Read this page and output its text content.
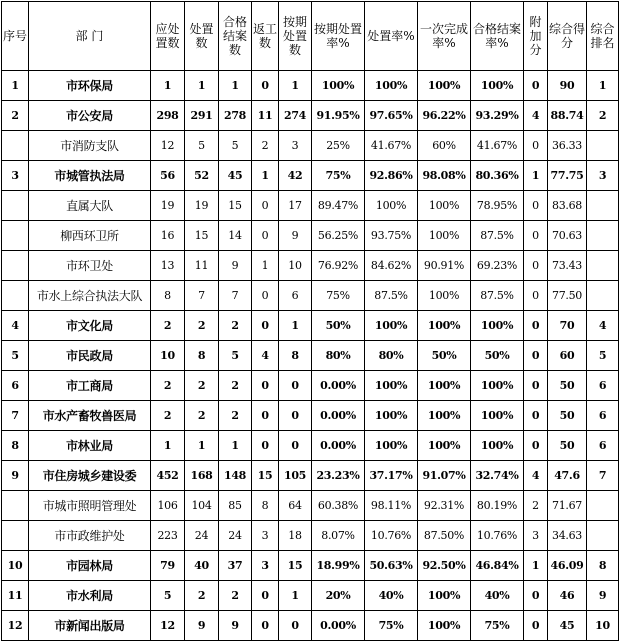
序号	部 门	应处置数	处置数	合格结案数	返工数	按期处置数	按期处置率%	处置率%	一次完成率%	合格结案率%	附加分	综合得分	综合排名
1	市环保局	1	1	1	0	1	100%	100%	100%	100%	0	90	1
2	市公安局	298	291	278	11	274	91.95%	97.65%	96.22%	93.29%	4	88.74	2
	市消防支队	12	5	5	2	3	25%	41.67%	60%	41.67%	0	36.33	
3	市城管执法局	56	52	45	1	42	75%	92.86%	98.08%	80.36%	1	77.75	3
	直属大队	19	19	15	0	17	89.47%	100%	100%	78.95%	0	83.68	
	柳西环卫所	16	15	14	0	9	56.25%	93.75%	100%	87.5%	0	70.63	
	市环卫处	13	11	9	1	10	76.92%	84.62%	90.91%	69.23%	0	73.43	
	市水上综合执法大队	8	7	7	0	6	75%	87.5%	100%	87.5%	0	77.50	
4	市文化局	2	2	2	0	1	50%	100%	100%	100%	0	70	4
5	市民政局	10	8	5	4	8	80%	80%	50%	50%	0	60	5
6	市工商局	2	2	2	0	0	0.00%	100%	100%	100%	0	50	6
7	市水产畜牧兽医局	2	2	2	0	0	0.00%	100%	100%	100%	0	50	6
8	市林业局	1	1	1	0	0	0.00%	100%	100%	100%	0	50	6
9	市住房城乡建设委	452	168	148	15	105	23.23%	37.17%	91.07%	32.74%	4	47.6	7
	市城市照明管理处	106	104	85	8	64	60.38%	98.11%	92.31%	80.19%	2	71.67	
	市市政维护处	223	24	24	3	18	8.07%	10.76%	87.50%	10.76%	3	34.63	
10	市园林局	79	40	37	3	15	18.99%	50.63%	92.50%	46.84%	1	46.09	8
11	市水利局	5	2	2	0	1	20%	40%	100%	40%	0	46	9
12	市新闻出版局	12	9	9	0	0	0.00%	75%	100%	75%	0	45	10
